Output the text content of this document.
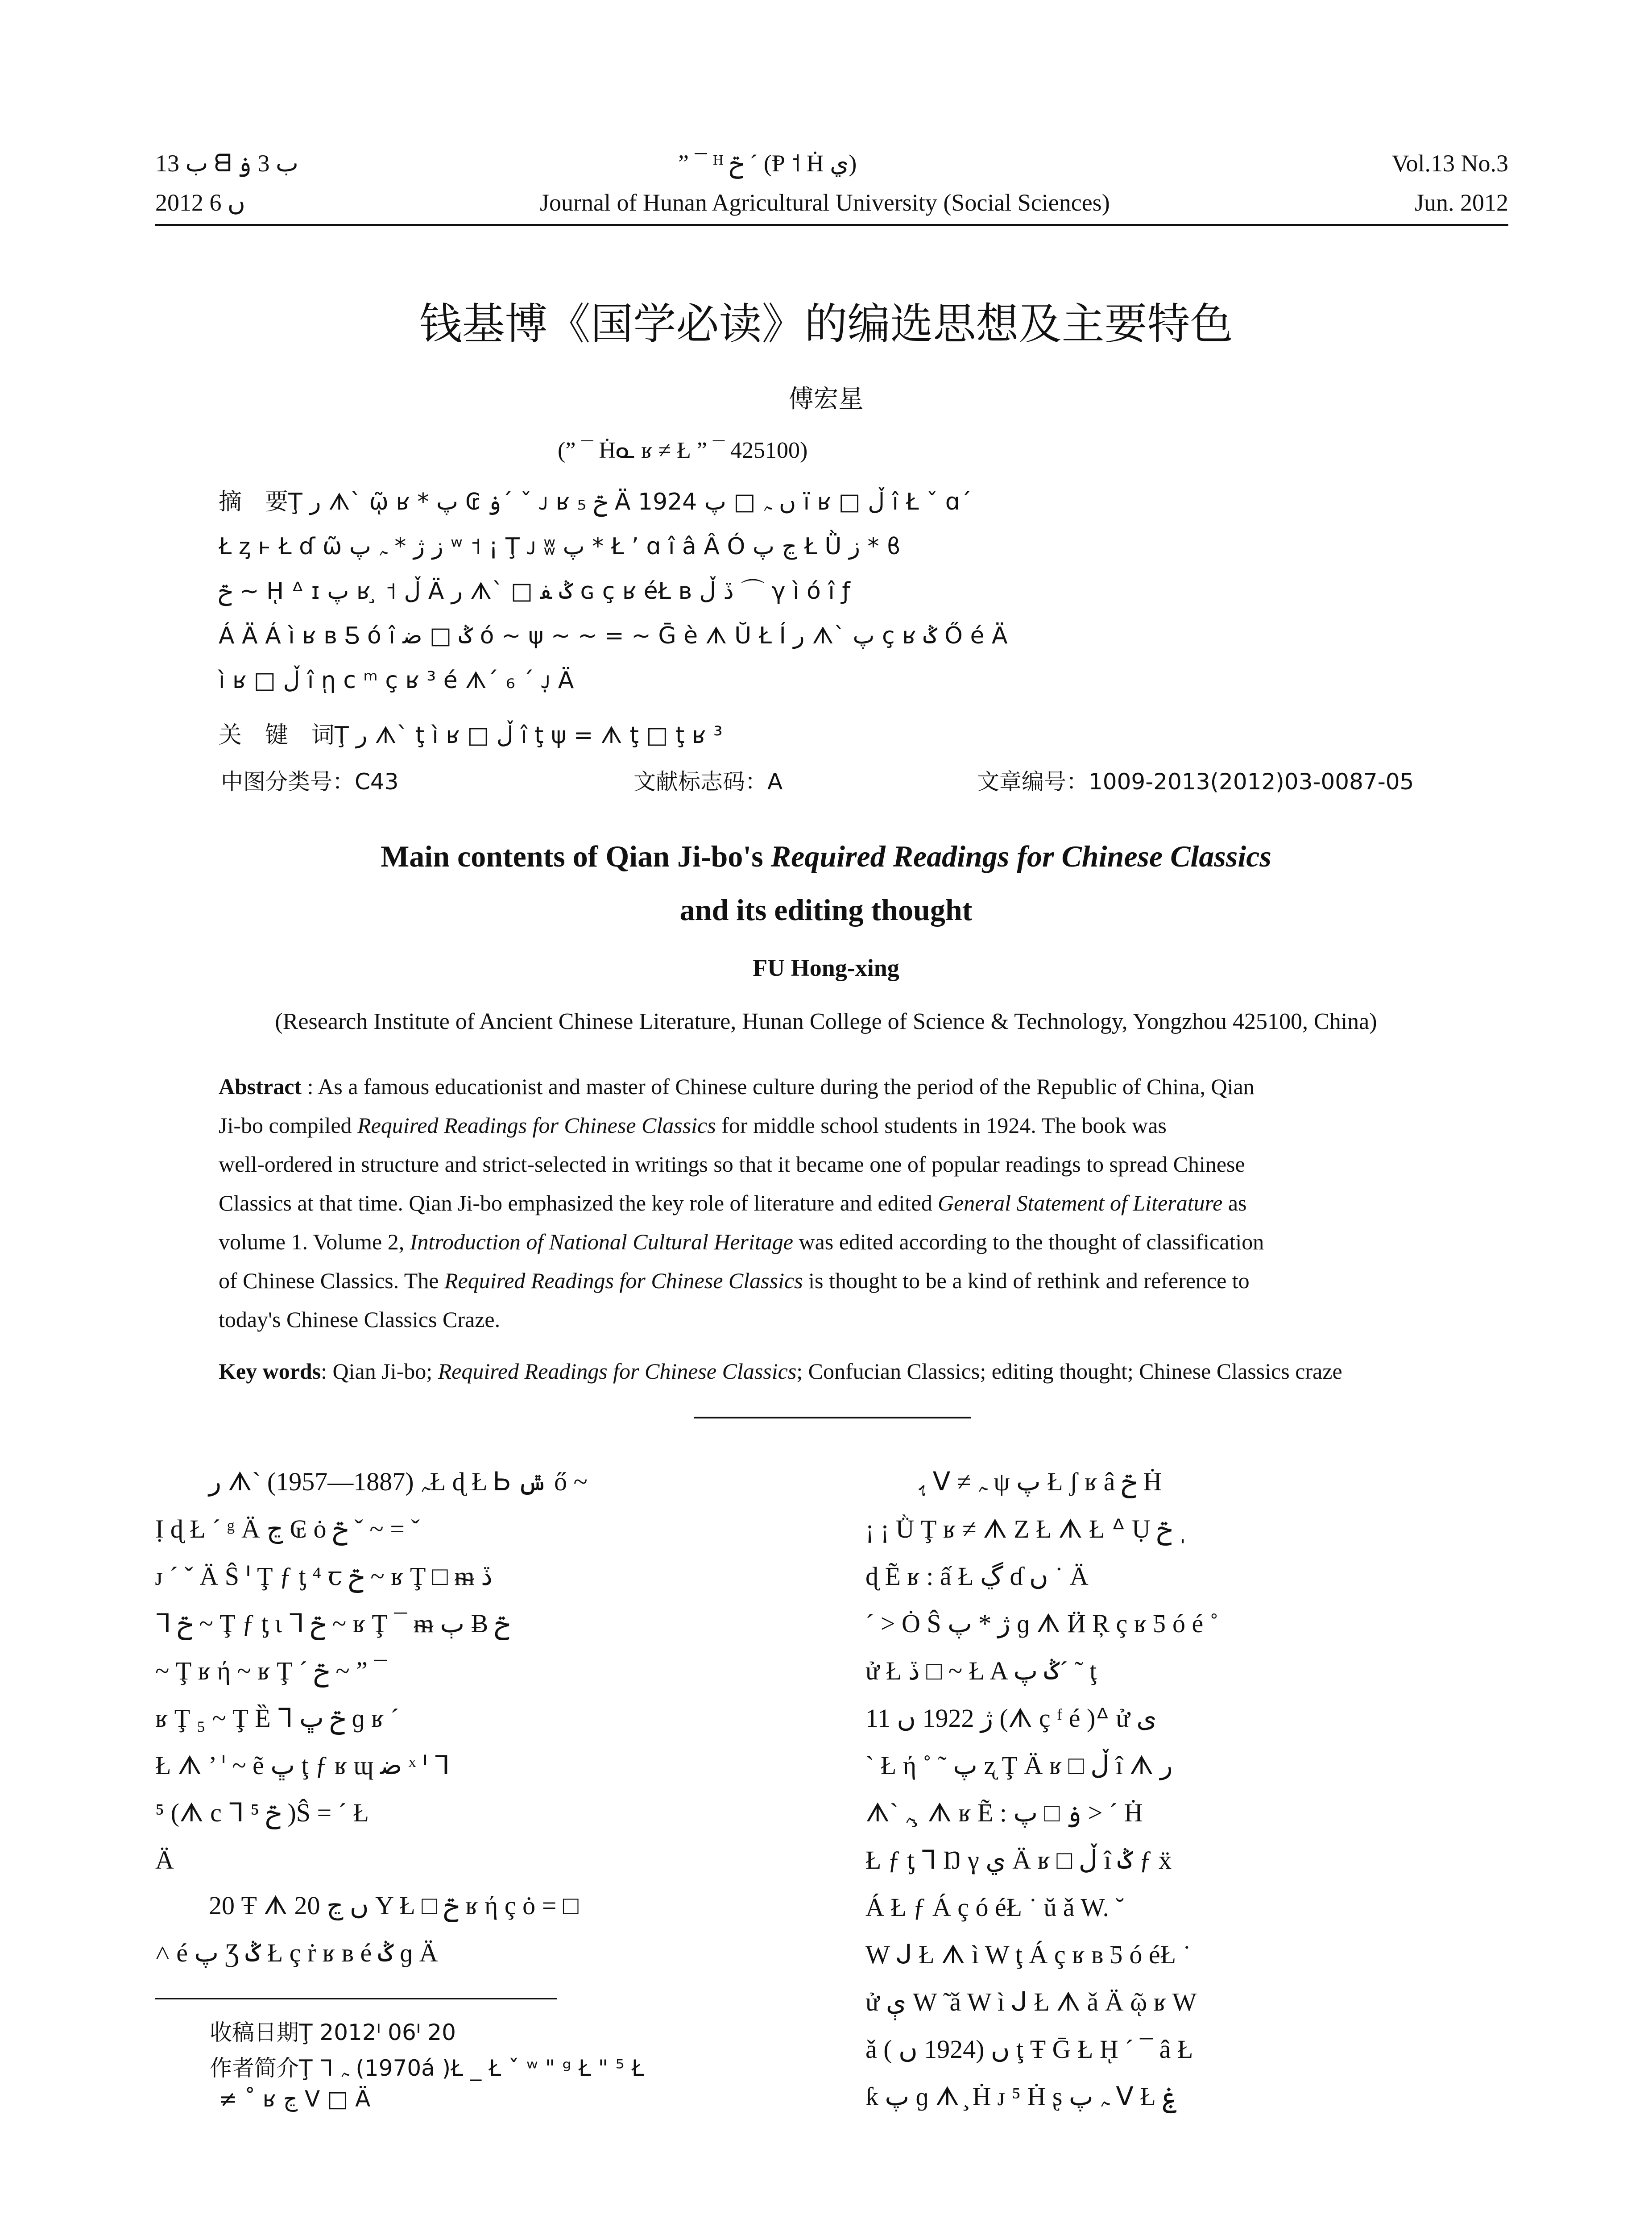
ب 13 ᗺ ب 3 ۏ
2012 ں 6
” ¯ ᴴ ݗ ˊ (Ᵽ ˦ Ḣ ي)
Journal of Hunan Agricultural University (Social Sciences)
Vol.13 No.3
Jun. 2012
钱基博《国学必读》的编选思想及主要特色
傅宏星
(” ¯ Ḣᓇ ʁ ≠ Ł ” ¯ 425100)
摘　要Ţ ر ᗑ` ῷ ʁ * ۏ ₢ پ´ ˇ ᴊ ʁ ݗ ₅ Ä 1924 ں ﮧ □ پ ï ʁ □ ڵ î Ł ˇ ɑ´
Ł ᶎ ⱶ Ł ɗ ῶ ز ژ * ﮧ پ ʷ ˦ ¡ Ţ ᴊ ʬ پ * Ł ’ ɑ î â Â Ó ڃ پ Ł Ǜ ز * ϐ
ݗ ~ ῌ ᐞ ɪ پ ʁ ̧ ˦ ڵ Ä ر ᗑ` □ ݣ ﻔ ɢ ç ʁ éŁ ʙ ڏ ڵ ⌒ γ ì ó î ƒ
Á Ä Á ì ʁ ʙ Ƽ ó î ݣ □ ﺿ ó ~ ψ ~ ~ = ~ Ḡ è ᗑ Ŭ Ł Í ر ᗑ` پ ç ʁ ݣ Ő é Ä
ì ʁ □ ڵ î ῃ c ᵐ ç ʁ ³ é ᗑ´ ₆ ´ ᴊ̣ Ä
关　键　词Ţ ر ᗑ` ţ ì ʁ □ ڵ î ţ ψ = ᗑ ţ □ ţ ʁ ³
中图分类号：C43	文献标志码：A	文章编号：1009-2013(2012)03-0087-05
Main contents of Qian Ji-bo's Required Readings for Chinese Classics
and its editing thought
FU Hong-xing
(Research Institute of Ancient Chinese Literature, Hunan College of Science & Technology, Yongzhou 425100, China)
Abstract : As a famous educationist and master of Chinese culture during the period of the Republic of China, Qian
Ji-bo compiled Required Readings for Chinese Classics for middle school students in 1924. The book was
well-ordered in structure and strict-selected in writings so that it became one of popular readings to spread Chinese
Classics at that time. Qian Ji-bo emphasized the key role of literature and edited General Statement of Literature as
volume 1. Volume 2, Introduction of National Cultural Heritage was edited according to the thought of classification
of Chinese Classics. The Required Readings for Chinese Classics is thought to be a kind of rethink and reference to
today's Chinese Classics Craze.
Key words: Qian Ji-bo; Required Readings for Chinese Classics; Confucian Classics; editing thought; Chinese Classics craze
ر ᗑ` ﮧ (1887—1957)Ł ɖ Ł Ꮟ ݜ ő ~
Ị ɖ Ł ´ ᵍ Ä ڃ ₢ ȯ ݗ ˇ ~ = ˇ
ᴊ ´ ˇ Ä Ŝ ᑊ Ţ ƒ ƫ ⁴ ꞇ ݗ ~ ʁ Ţ □ ᵯ ڏ
ᒣ ݗ ~ Ţ ƒ ƫ ɩ ᒣ ݗ ~ ʁ Ţ ¯ ᵯ ٻ Ƀ ݗ
~ Ţ ʁ ή ~ ʁ Ţ ´ ݗ ~ ” ¯
ʁ Ţ ₅ ~ Ţ Ȅ ᒣ ݗ ڀ ɡ ʁ ´
Ł ᗑ ’ ᑊ ~ ẽ ڀ ţ ƒ ʁ ɰ ﺿ ˣ ᑊ ᒣ
⁵ (ᗑ c ᒣ ⁵ ݗ )Ŝ = ´ Ł
Ä
20 Ŧ ᗑ 20 ں ڃ Y Ł □ ݗ ʁ ή ç ȯ = □
˄ é پ Ʒ ݣ Ł ç ṙ ʁ ʙ é ݣ ɡ Ä
收稿日期Ţ 2012ᑊ 06ᑊ 20
作者简介Ţ ᒣ ﮧ (1970á )Ł _ Ł ˇ ʷ " ᵍ Ł " ⁵ Ł
≠ ˚ ʁ ڃ ᐯ □ Ä
ﮨ ᐯ ≠ ﮧ ψ پ Ł ʃ ʁ â ݗ Ḣ
¡ ¡ Ǜ Ţ ʁ ≠ ᗑ Ζ Ł ᗑ Ł ᐞ Ụ ݗ ˌ
ɖ Ẽ ʁ : ấ Ł ڲ ɗ ں ˙ Ä
´ ˃ Ȯ Ŝ ژ * پ ɡ ᗑ Ӥ Ŗ ç ʁ Ƽ ó é ˚
ử Ł ڏ □ ~ Ł A ݣ پ´ ˜ ţ
ژ 1922 ں 11 (ᗑ ç ᶠ é )ᐞ ử ی
` Ł ή ˚ ˜ پ ʐ Ţ Ä ʁ □ ڵ î ᗑ ر
ᗑ` ﮧ ̧ ᗑ ʁ Ẽ : ۏ □ پ ˃ ´ Ḣ
Ł ƒ ƫ ᒣ Ŋ γ ي Ä ʁ □ ڵ î ݣ ƒ ẍ
Á Ł ƒ Á ç ó éŁ ˙ ŭ ǎ W. ˘
W ᒍ Ł ᗑ ì W ţ Á ç ʁ ʙ Ƽ ó éŁ ˙
ử ې W ̃ ǎ W ì ᒍ Ł ᗑ ǎ Ä ῷ ʁ W
ǎ ں (1924 ں ) ţ Ŧ Ḡ Ł ῌ ´ ¯ â Ł
ƙ پ ɡ ᗑ ̧ Ḣ ᴊ ⁵ Ḣ ʂ ﮧ پ ᐯ Ł ۼ
